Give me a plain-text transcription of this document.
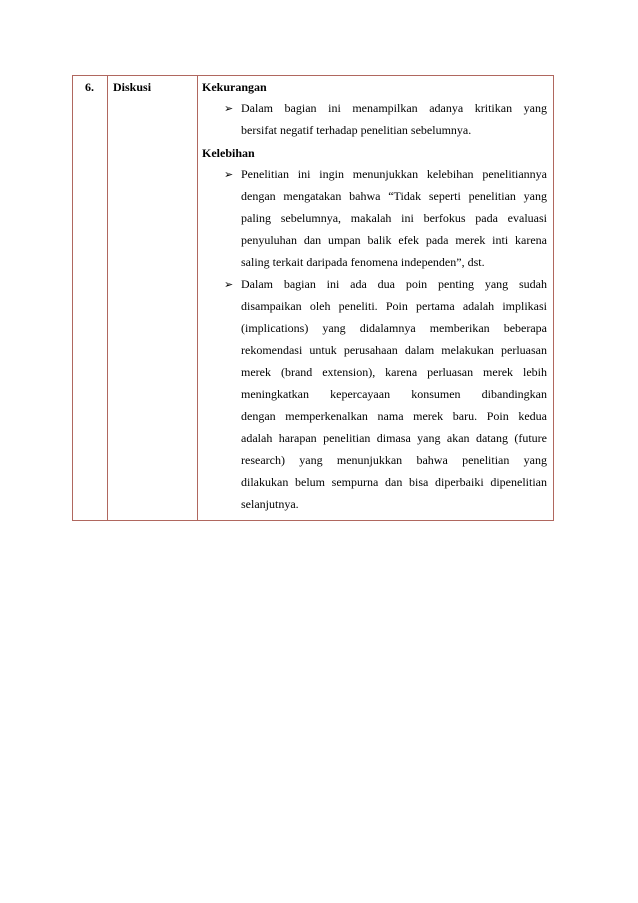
6. Diskusi	Kekurangan
➢ Dalam bagian ini menampilkan adanya kritikan yang
bersifat negatif terhadap penelitian sebelumnya.
Kelebihan
➢ Penelitian ini ingin menunjukkan kelebihan penelitiannya
dengan mengatakan bahwa “Tidak seperti penelitian yang
paling sebelumnya, makalah ini berfokus pada evaluasi
penyuluhan dan umpan balik efek pada merek inti karena
saling terkait daripada fenomena independen”, dst.
➢ Dalam bagian ini ada dua poin penting yang sudah
disampaikan oleh peneliti. Poin pertama adalah implikasi
(implications) yang didalamnya memberikan beberapa
rekomendasi untuk perusahaan dalam melakukan perluasan
merek (brand extension), karena perluasan merek lebih
meningkatkan kepercayaan konsumen dibandingkan
dengan memperkenalkan nama merek baru. Poin kedua
adalah harapan penelitian dimasa yang akan datang (future
research) yang menunjukkan bahwa penelitian yang
dilakukan belum sempurna dan bisa diperbaiki dipenelitian
selanjutnya.
